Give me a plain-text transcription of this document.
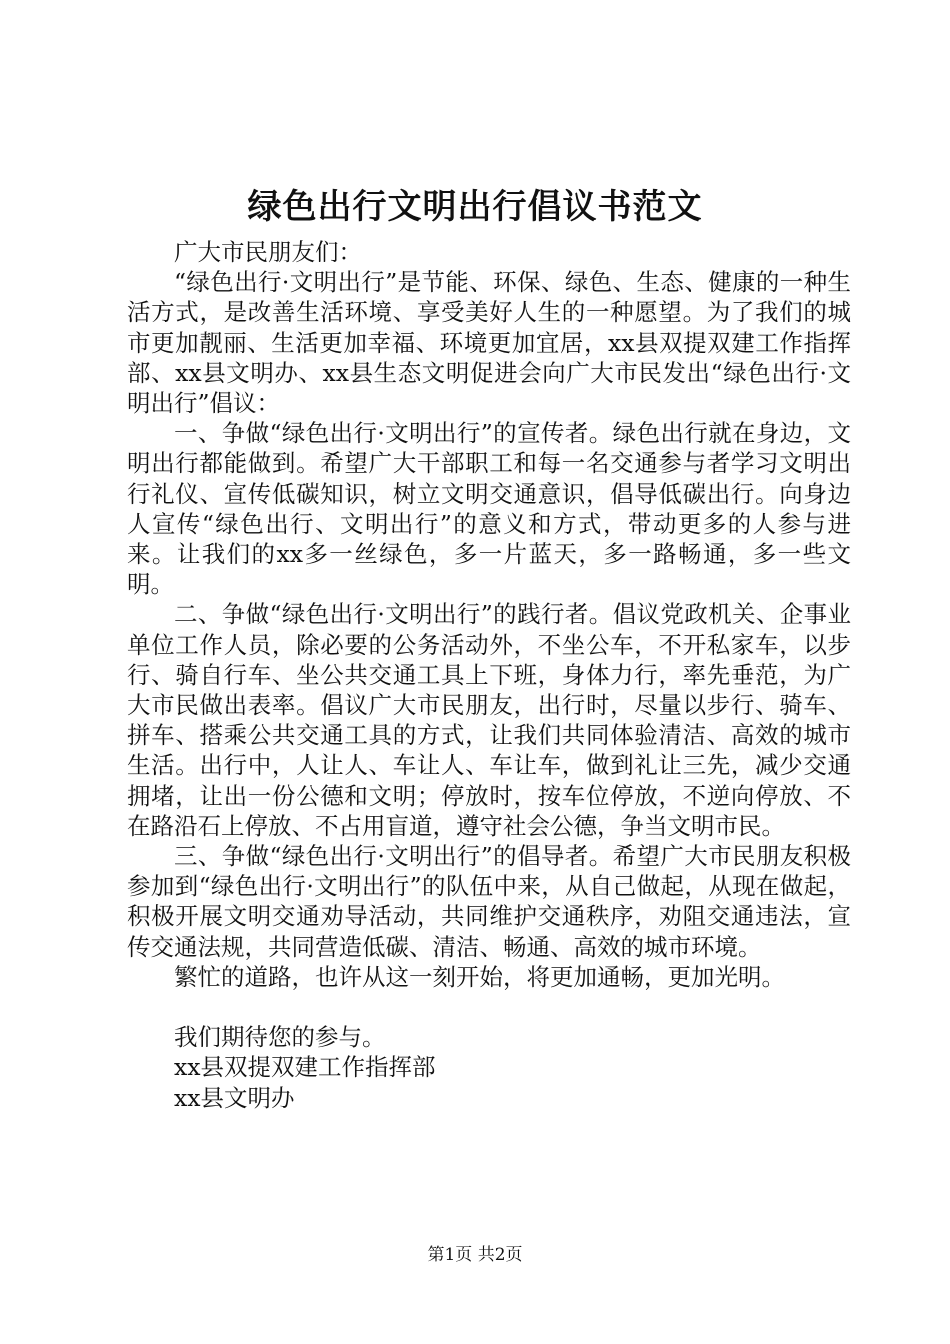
绿色出行文明出行倡议书范文

广大市民朋友们：

“绿色出行·文明出行”是节能、环保、绿色、生态、健康的一种生活方式，是改善生活环境、享受美好人生的一种愿望。为了我们的城市更加靓丽、生活更加幸福、环境更加宜居，xx县双提双建工作指挥部、xx县文明办、xx县生态文明促进会向广大市民发出“绿色出行·文明出行”倡议：

一、争做“绿色出行·文明出行”的宣传者。绿色出行就在身边，文明出行都能做到。希望广大干部职工和每一名交通参与者学习文明出行礼仪、宣传低碳知识，树立文明交通意识，倡导低碳出行。向身边人宣传“绿色出行、文明出行”的意义和方式，带动更多的人参与进来。让我们的xx多一丝绿色，多一片蓝天，多一路畅通，多一些文明。

二、争做“绿色出行·文明出行”的践行者。倡议党政机关、企事业单位工作人员，除必要的公务活动外，不坐公车，不开私家车，以步行、骑自行车、坐公共交通工具上下班，身体力行，率先垂范，为广大市民做出表率。倡议广大市民朋友，出行时，尽量以步行、骑车、拼车、搭乘公共交通工具的方式，让我们共同体验清洁、高效的城市生活。出行中，人让人、车让人、车让车，做到礼让三先，减少交通拥堵，让出一份公德和文明；停放时，按车位停放，不逆向停放、不在路沿石上停放、不占用盲道，遵守社会公德，争当文明市民。

三、争做“绿色出行·文明出行”的倡导者。希望广大市民朋友积极参加到“绿色出行·文明出行”的队伍中来，从自己做起，从现在做起，积极开展文明交通劝导活动，共同维护交通秩序，劝阻交通违法，宣传交通法规，共同营造低碳、清洁、畅通、高效的城市环境。

繁忙的道路，也许从这一刻开始，将更加通畅，更加光明。

我们期待您的参与。

xx县双提双建工作指挥部

xx县文明办

第1页 共2页
